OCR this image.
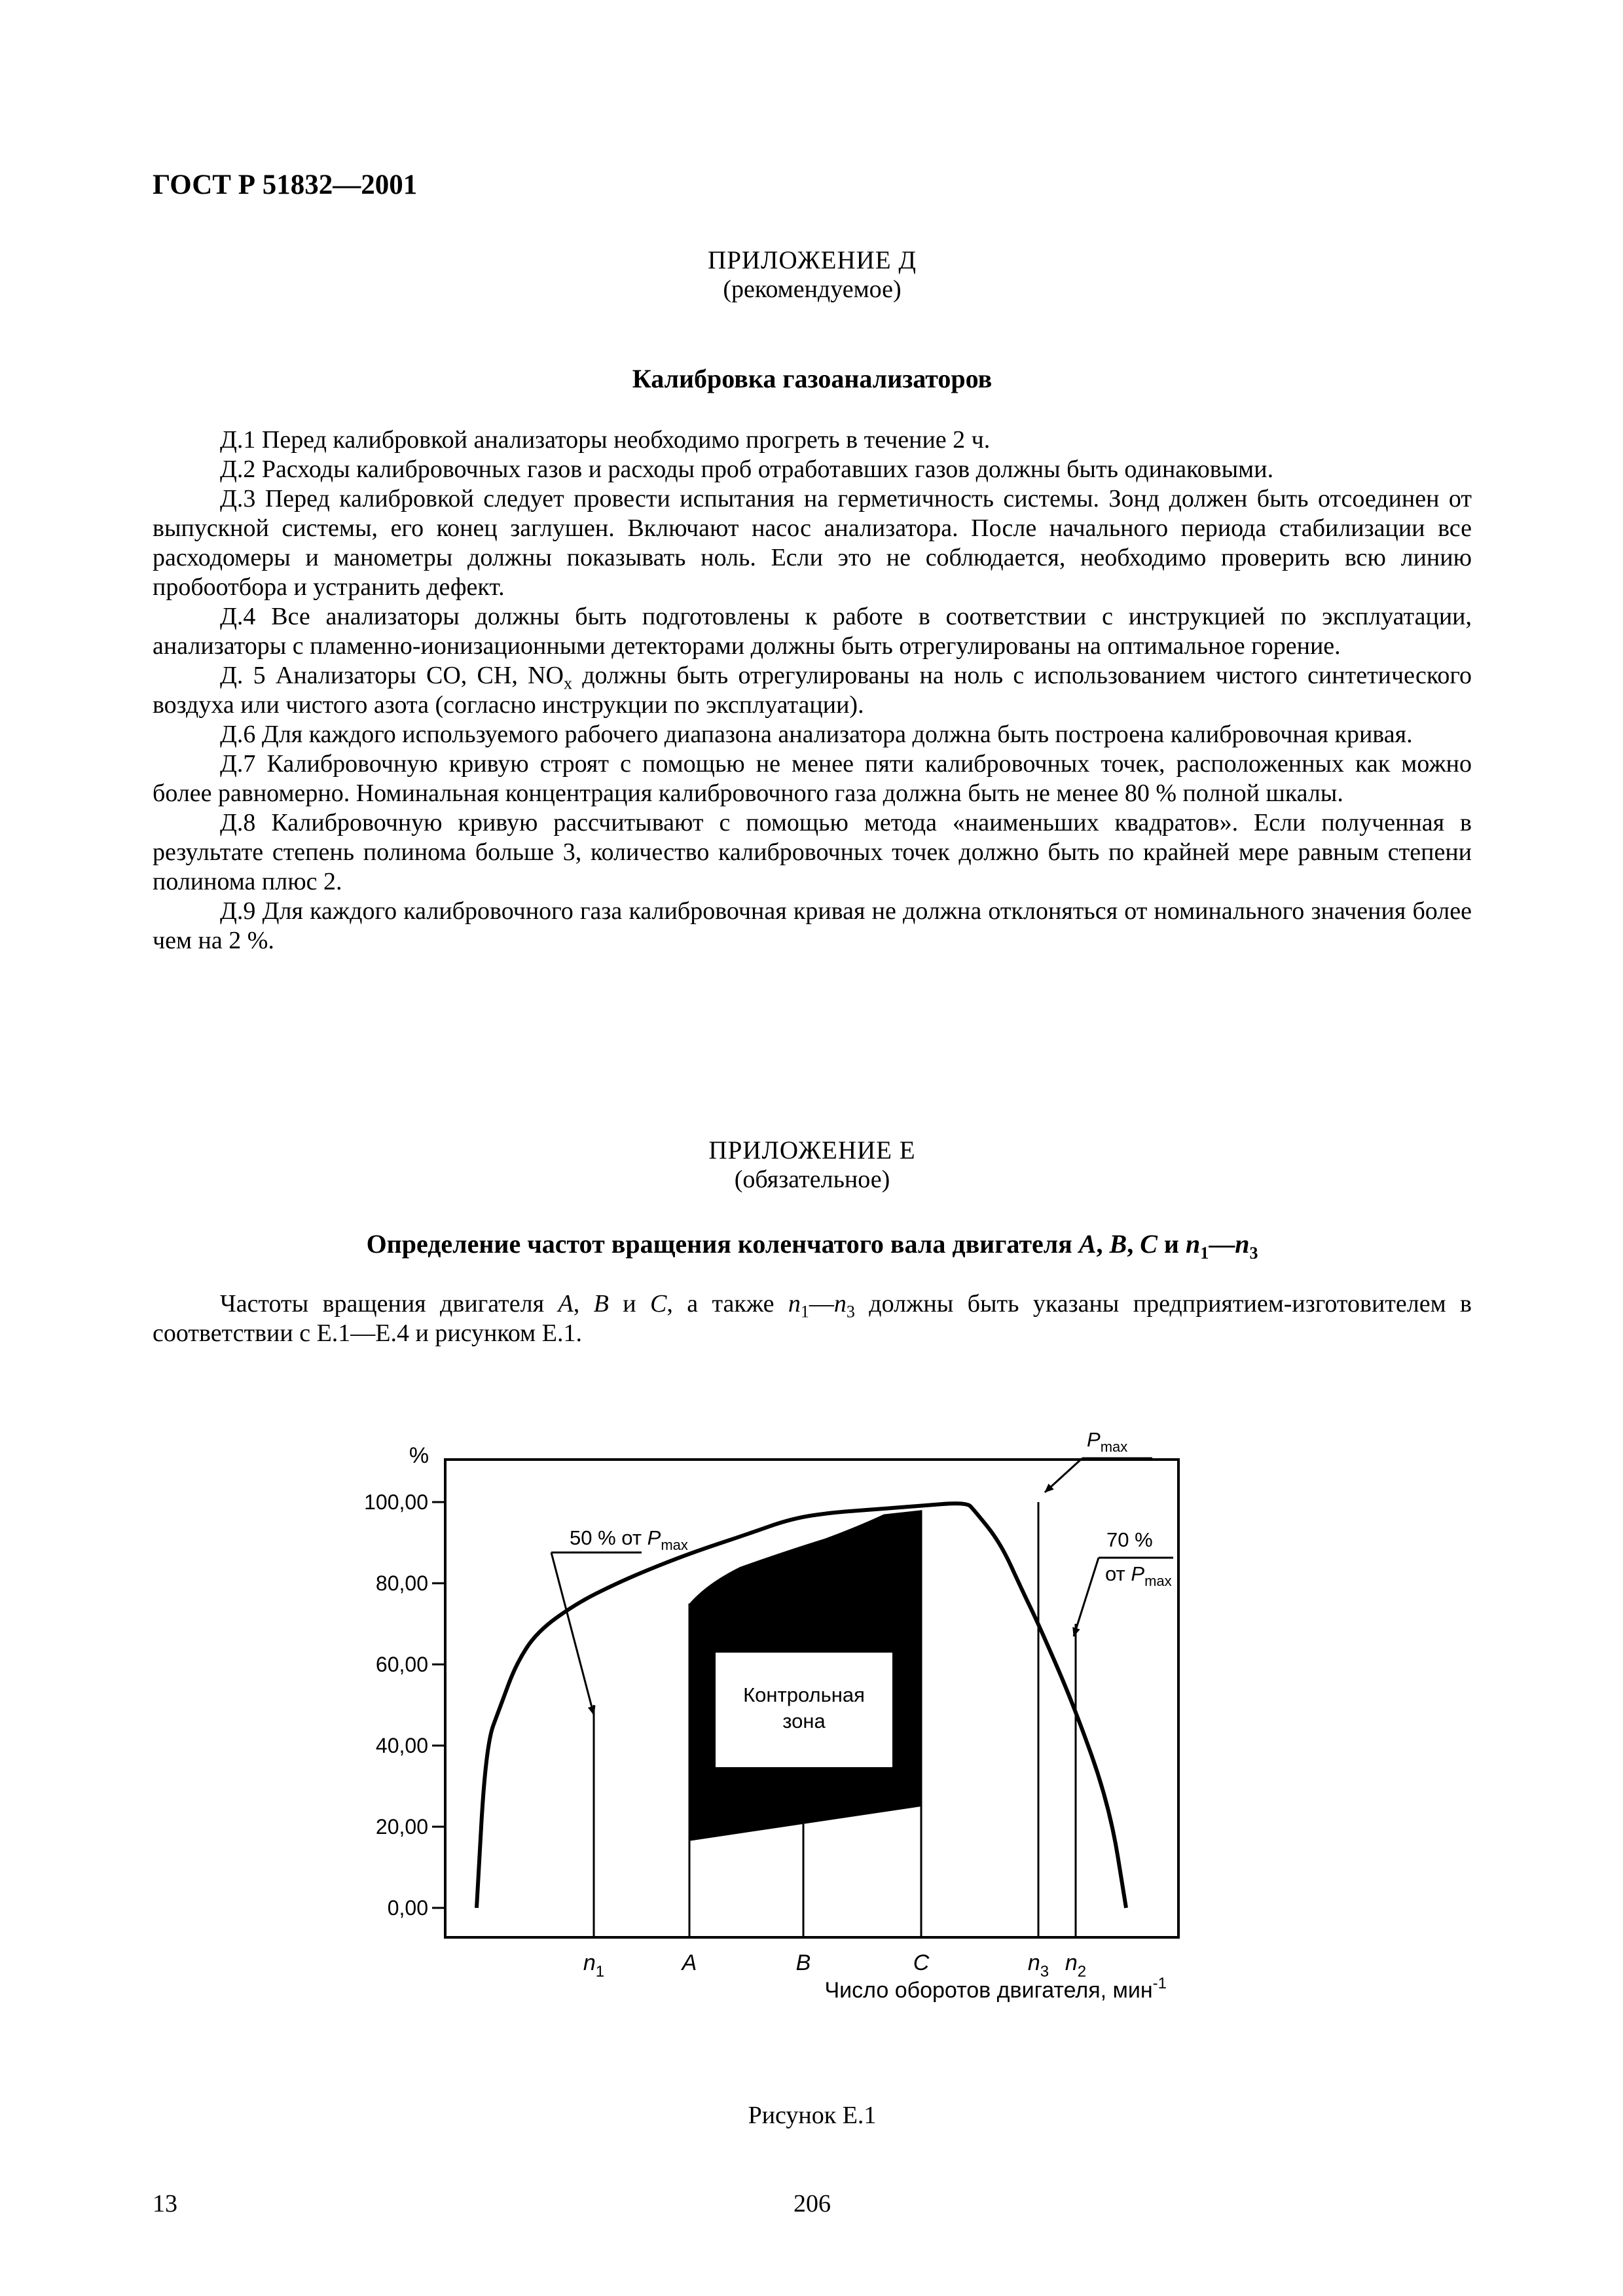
ГОСТ Р 51832—2001
ПРИЛОЖЕНИЕ Д
(рекомендуемое)
Калибровка газоанализаторов

Д.1 Перед калибровкой анализаторы необходимо прогреть в течение 2 ч.

Д.2 Расходы калибровочных газов и расходы проб отработавших газов должны быть одинаковыми.

Д.3 Перед калибровкой следует провести испытания на герметичность системы. Зонд должен быть отсоединен от выпускной системы, его конец заглушен. Включают насос анализатора. После начального периода стабилизации все расходомеры и манометры должны показывать ноль. Если это не соблюдается, необходимо проверить всю линию пробоотбора и устранить дефект.

Д.4 Все анализаторы должны быть подготовлены к работе в соответствии с инструкцией по эксплуатации, анализаторы с пламенно-ионизационными детекторами должны быть отрегулированы на оптимальное горение.

Д. 5 Анализаторы СО, СН, $NO_x$ должны быть отрегулированы на ноль с использованием чистого синтетического воздуха или чистого азота (согласно инструкции по эксплуатации).

Д.6 Для каждого используемого рабочего диапазона анализатора должна быть построена калибровочная кривая.

Д.7 Калибровочную кривую строят с помощью не менее пяти калибровочных точек, расположенных как можно более равномерно. Номинальная концентрация калибровочного газа должна быть не менее 80 % полной шкалы.

Д.8 Калибровочную кривую рассчитывают с помощью метода «наименьших квадратов». Если полученная в результате степень полинома больше 3, количество калибровочных точек должно быть по крайней мере равным степени полинома плюс 2.

Д.9 Для каждого калибровочного газа калибровочная кривая не должна отклоняться от номинального значения более чем на 2 %.

ПРИЛОЖЕНИЕ Е
(обязательное)
Определение частот вращения коленчатого вала двигателя A, B, C и $n_1—n_3$

Частоты вращения двигателя A, B и C, а также $n_1—n_3$ должны быть указаны предприятием-изготовителем в соответствии с Е.1—Е.4 и рисунком Е.1.

0,00
20,00
40,00
60,00
80,00
100,00
%
Контрольная
зона
$n_1$	A	B	C	$n_3$ $n_2$
50 % от $P_{max}$
$P_{max}$
70 %
от $P_{max}$
Число оборотов двигателя, мин$^{-1}$
Рисунок Е.1
13	206
